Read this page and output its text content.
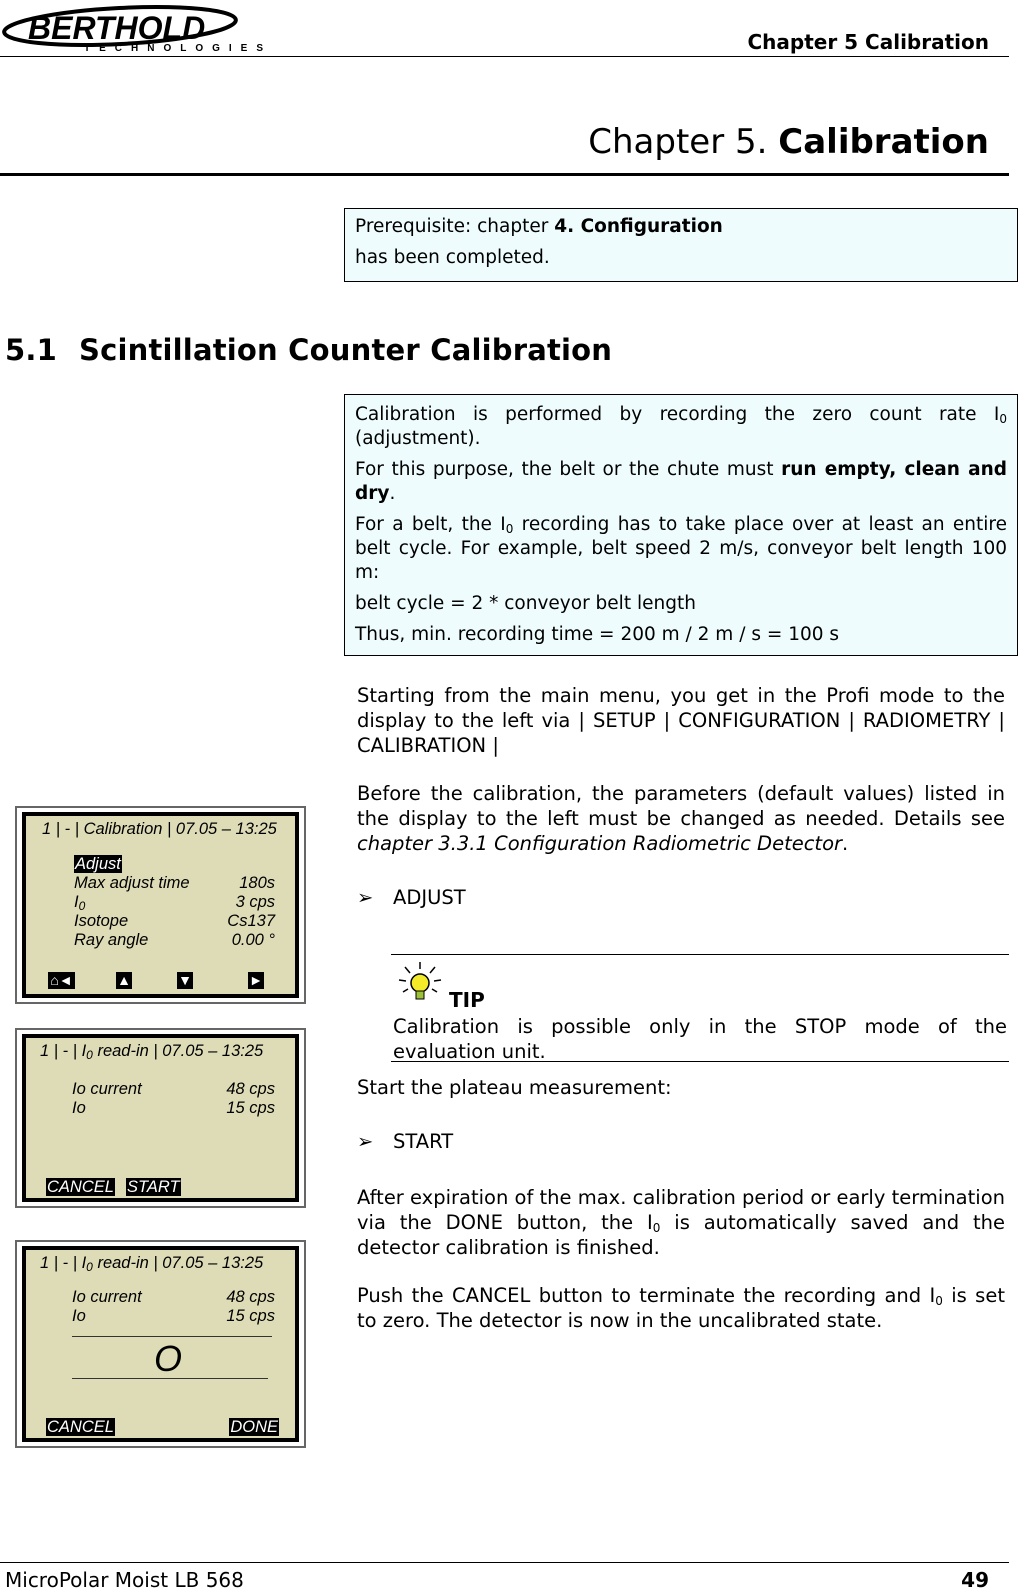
BERTHOLD
TECHNOLOGIES	Chapter 5 Calibration
Chapter 5. Calibration

Prerequisite: chapter 4. Configuration

has been completed.

5.1 Scintillation Counter Calibration

Calibration is performed by recording the zero count rate $I_0$ (adjustment).

For this purpose, the belt or the chute must run empty, clean and dry.

For a belt, the $I_0$ recording has to take place over at least an entire belt cycle. For example, belt speed 2 m/s, conveyor belt length 100 m:

belt cycle = 2 * conveyor belt length

Thus, min. recording time = 200 m / 2 m / s = 100 s

Starting from the main menu, you get in the Profi mode to the display to the left via | SETUP | CONFIGURATION | RADIOMETRY | CALIBRATION |
Before the calibration, the parameters (default values) listed in the display to the left must be changed as needed. Details see chapter 3.3.1 Configuration Radiometric Detector.
➢ ADJUST
TIP
Calibration is possible only in the STOP mode of the evaluation unit.
Start the plateau measurement:
➢ START
After expiration of the max. calibration period or early termination via the DONE button, the $I_0$ is automatically saved and the detector calibration is finished.
Push the CANCEL button to terminate the recording and $I_0$ is set to zero. The detector is now in the uncalibrated state.
1 | - | Calibration | 07.05 – 13:25
Adjust
Max adjust time	180s
$I_0$	3 cps
Isotope	Cs137
Ray angle	0.00 °
⌂◄	▲	▼	►
1 | - | $I_0$ read-in | 07.05 – 13:25
Io current	48 cps
Io	15 cps
CANCEL START
1 | - | $I_0$ read-in | 07.05 – 13:25
Io current	48 cps
Io	15 cps
O
CANCEL	DONE
MicroPolar Moist LB 568	49
